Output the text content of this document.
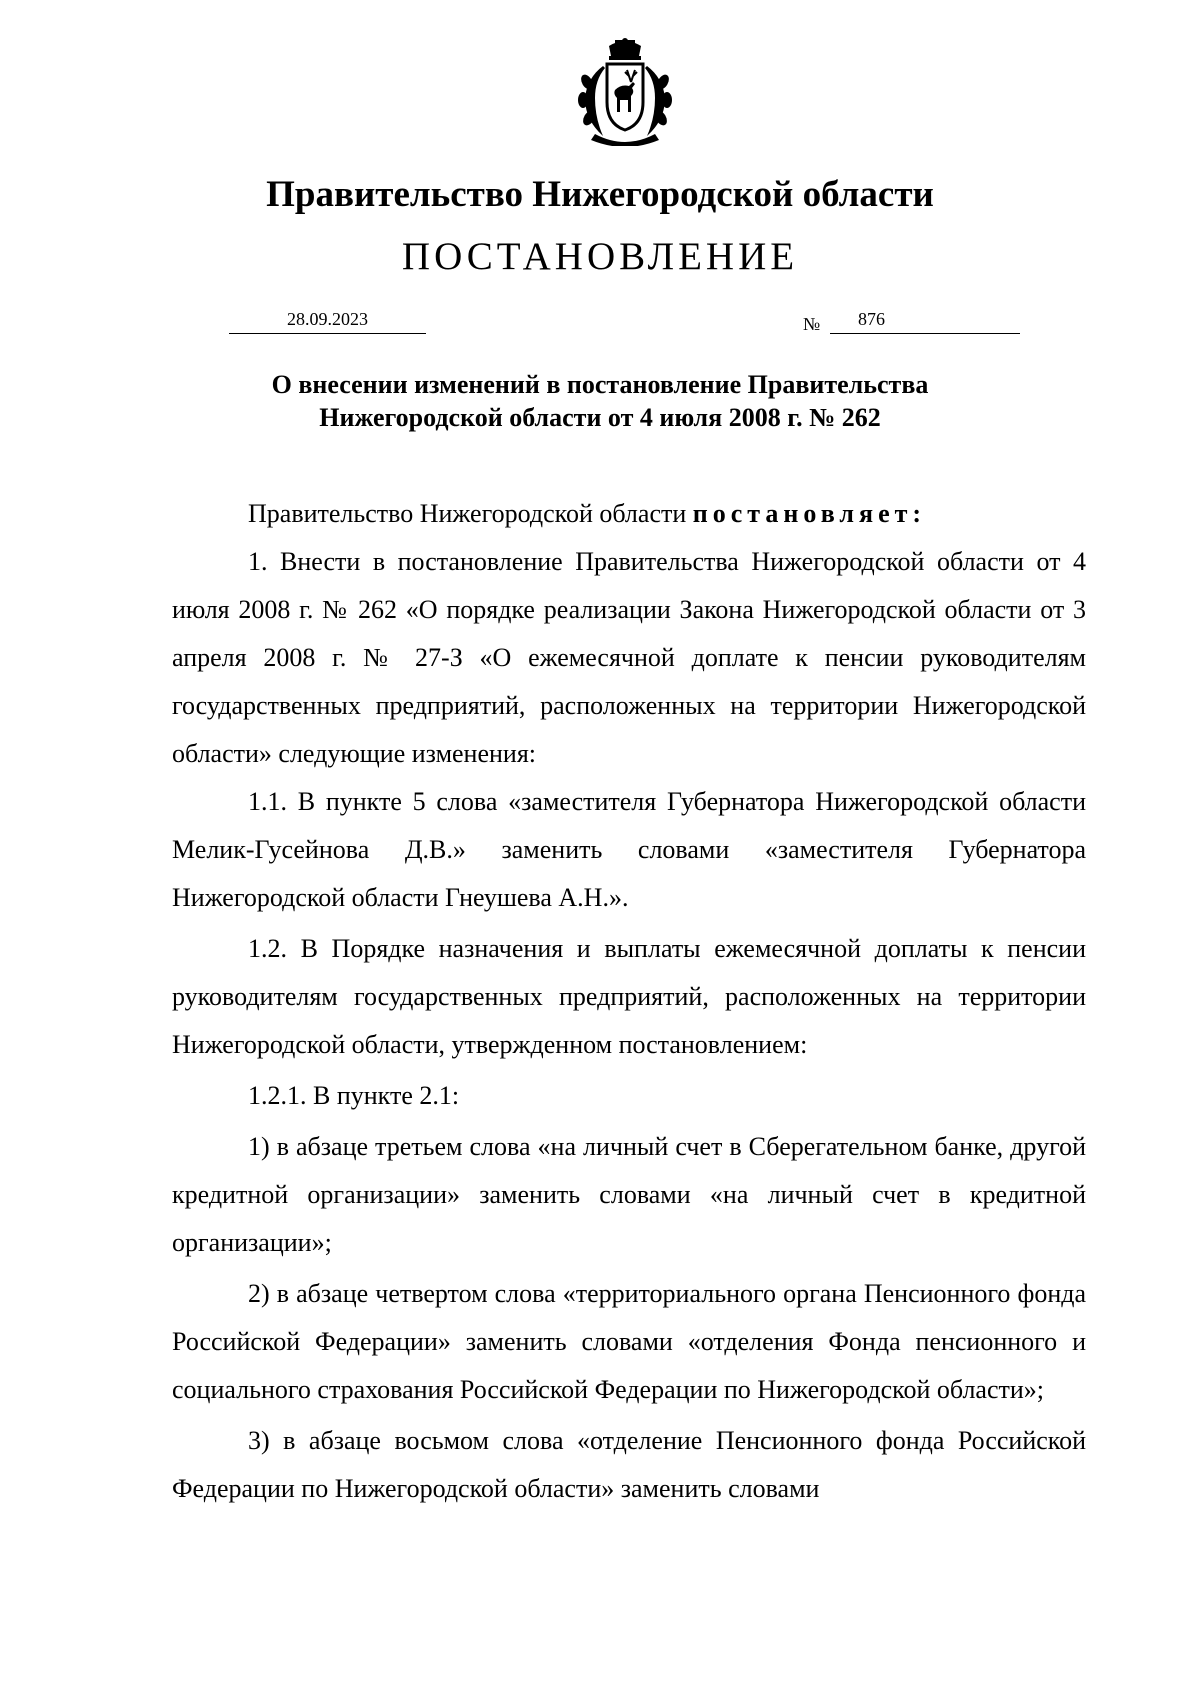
Правительство Нижегородской области
ПОСТАНОВЛЕНИЕ
28.09.2023	№	876
О внесении изменений в постановление Правительства
Нижегородской области от 4 июля 2008 г. № 262

Правительство Нижегородской области постановляет:

1. Внести в постановление Правительства Нижегородской области от 4 июля 2008 г. № 262 «О порядке реализации Закона Нижегородской области от 3 апреля 2008 г. № 27-З «О ежемесячной доплате к пенсии руководителям государственных предприятий, расположенных на территории Нижегородской области» следующие изменения:

1.1. В пункте 5 слова «заместителя Губернатора Нижегородской области Мелик-Гусейнова Д.В.» заменить словами «заместителя Губернатора Нижегородской области Гнеушева А.Н.».

1.2. В Порядке назначения и выплаты ежемесячной доплаты к пенсии руководителям государственных предприятий, расположенных на территории Нижегородской области, утвержденном постановлением:

1.2.1. В пункте 2.1:

1) в абзаце третьем слова «на личный счет в Сберегательном банке, другой кредитной организации» заменить словами «на личный счет в кредитной организации»;

2) в абзаце четвертом слова «территориального органа Пенсионного фонда Российской Федерации» заменить словами «отделения Фонда пенсионного и социального страхования Российской Федерации по Нижегородской области»;

3) в абзаце восьмом слова «отделение Пенсионного фонда Российской Федерации по Нижегородской области» заменить словами
